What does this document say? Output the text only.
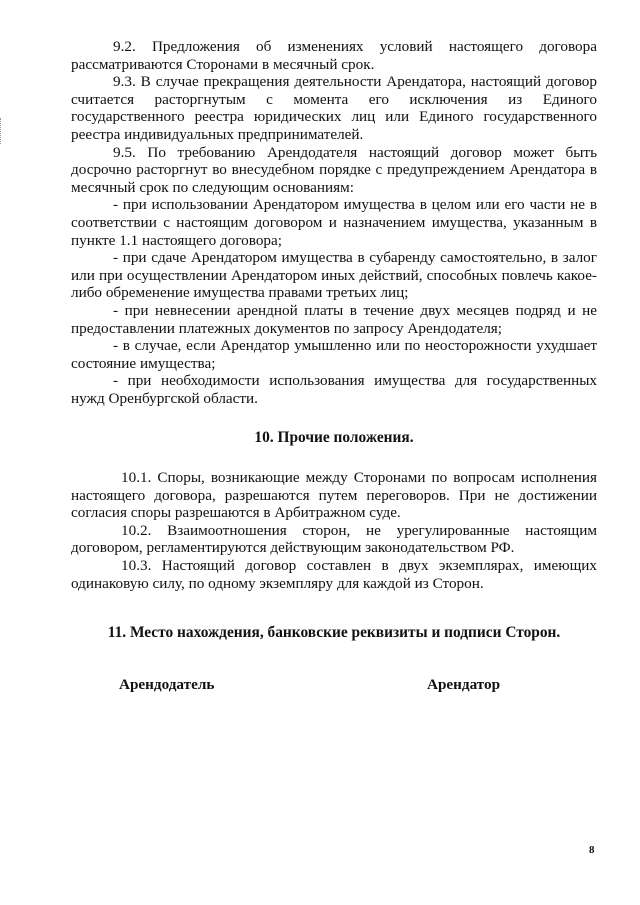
9.2. Предложения об изменениях условий настоящего договора рассматриваются Сторонами в месячный срок.

9.3. В случае прекращения деятельности Арендатора, настоящий договор считается расторгнутым с момента его исключения из Единого государственного реестра юридических лиц или Единого государственного реестра индивидуальных предпринимателей.

9.5. По требованию Арендодателя настоящий договор может быть досрочно расторгнут во внесудебном порядке с предупреждением Арендатора в месячный срок по следующим основаниям:

- при использовании Арендатором имущества в целом или его части не в соответствии с настоящим договором и назначением имущества, указанным в пункте 1.1 настоящего договора;

- при сдаче Арендатором имущества в субаренду самостоятельно, в залог или при осуществлении Арендатором иных действий, способных повлечь какое-либо обременение имущества правами третьих лиц;

- при невнесении арендной платы в течение двух месяцев подряд и не предоставлении платежных документов по запросу Арендодателя;

- в случае, если Арендатор умышленно или по неосторожности ухудшает состояние имущества;

- при необходимости использования имущества для государственных нужд Оренбургской области.

10. Прочие положения.

10.1. Споры, возникающие между Сторонами по вопросам исполнения настоящего договора, разрешаются путем переговоров. При не достижении согласия споры разрешаются в Арбитражном суде.

10.2. Взаимоотношения сторон, не урегулированные настоящим договором, регламентируются действующим законодательством РФ.

10.3. Настоящий договор составлен в двух экземплярах, имеющих одинаковую силу, по одному экземпляру для каждой из Сторон.

11. Место нахождения, банковские реквизиты и подписи Сторон.
Арендодатель	Арендатор
8
